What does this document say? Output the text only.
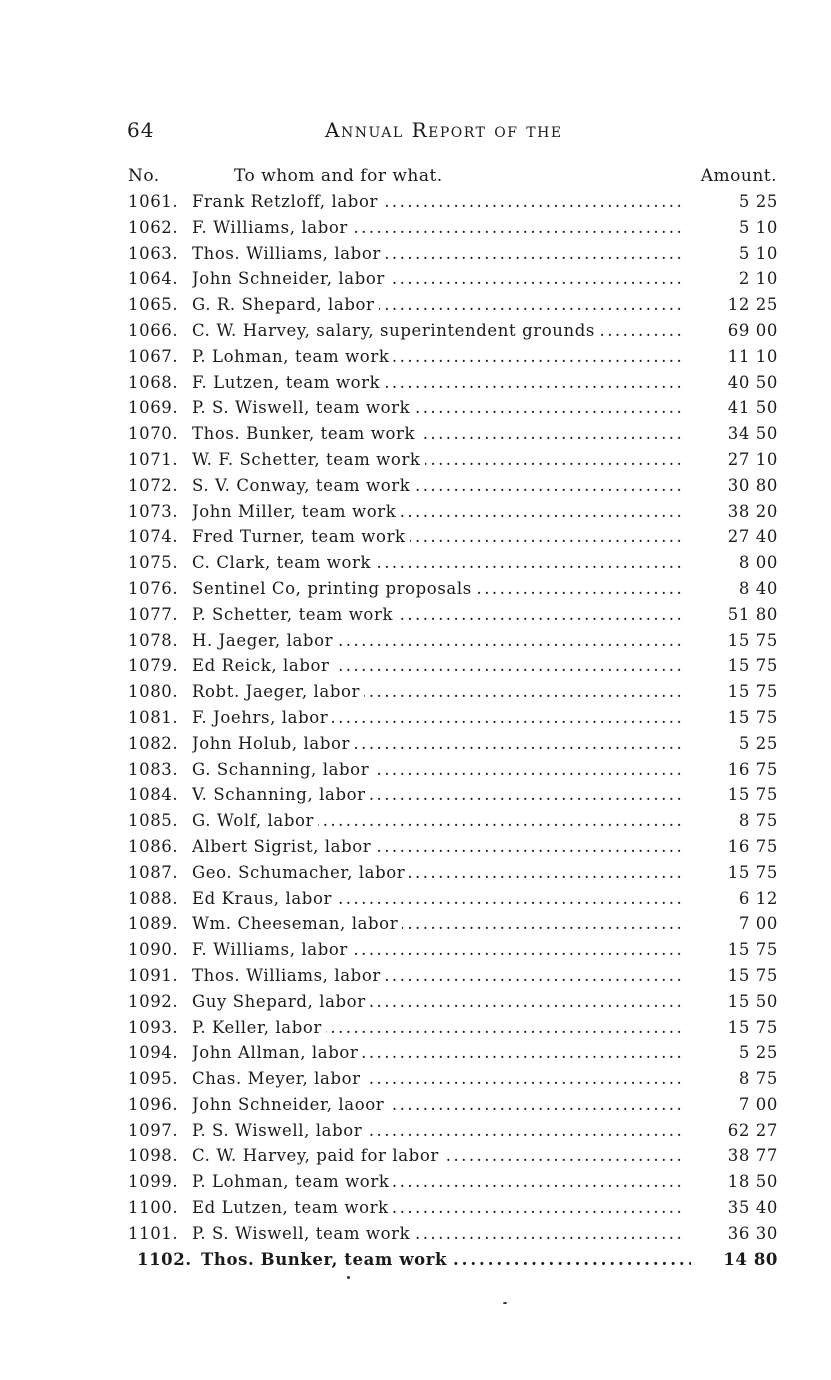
64	Annual Report of the
No.	To whom and for what.	Amount.
1061. Frank Retzloff, labor . . .	5 25
1062. F. Williams, labor . . .	5 10
1063. Thos. Williams, labor . . .	5 10
1064. John Schneider, labor . . .	2 10
1065. G. R. Shepard, labor . . .	12 25
1066. C. W. Harvey, salary, superintendent grounds . . .	69 00
1067. P. Lohman, team work . . .	11 10
1068. F. Lutzen, team work . . .	40 50
1069. P. S. Wiswell, team work . . .	41 50
1070. Thos. Bunker, team work . . .	34 50
1071. W. F. Schetter, team work . . .	27 10
1072. S. V. Conway, team work . . .	30 80
1073. John Miller, team work . . .	38 20
1074. Fred Turner, team work . . .	27 40
1075. C. Clark, team work . . .	8 00
1076. Sentinel Co, printing proposals . . .	8 40
1077. P. Schetter, team work . . .	51 80
1078. H. Jaeger, labor . . .	15 75
1079. Ed Reick, labor . . .	15 75
1080. Robt. Jaeger, labor . . .	15 75
1081. F. Joehrs, labor . . .	15 75
1082. John Holub, labor . . .	5 25
1083. G. Schanning, labor . . .	16 75
1084. V. Schanning, labor . . .	15 75
1085. G. Wolf, labor . . .	8 75
1086. Albert Sigrist, labor . . .	16 75
1087. Geo. Schumacher, labor . . .	15 75
1088. Ed Kraus, labor . . .	6 12
1089. Wm. Cheeseman, labor . . .	7 00
1090. F. Williams, labor . . .	15 75
1091. Thos. Williams, labor . . .	15 75
1092. Guy Shepard, labor . . .	15 50
1093. P. Keller, labor . . .	15 75
1094. John Allman, labor . . .	5 25
1095. Chas. Meyer, labor . . .	8 75
1096. John Schneider, laoor . . .	7 00
1097. P. S. Wiswell, labor . . .	62 27
1098. C. W. Harvey, paid for labor . . .	38 77
1099. P. Lohman, team work . . .	18 50
1100. Ed Lutzen, team work . . .	35 40
1101. P. S. Wiswell, team work . . .	36 30
1102. Thos. Bunker, team work . . .	14 80
